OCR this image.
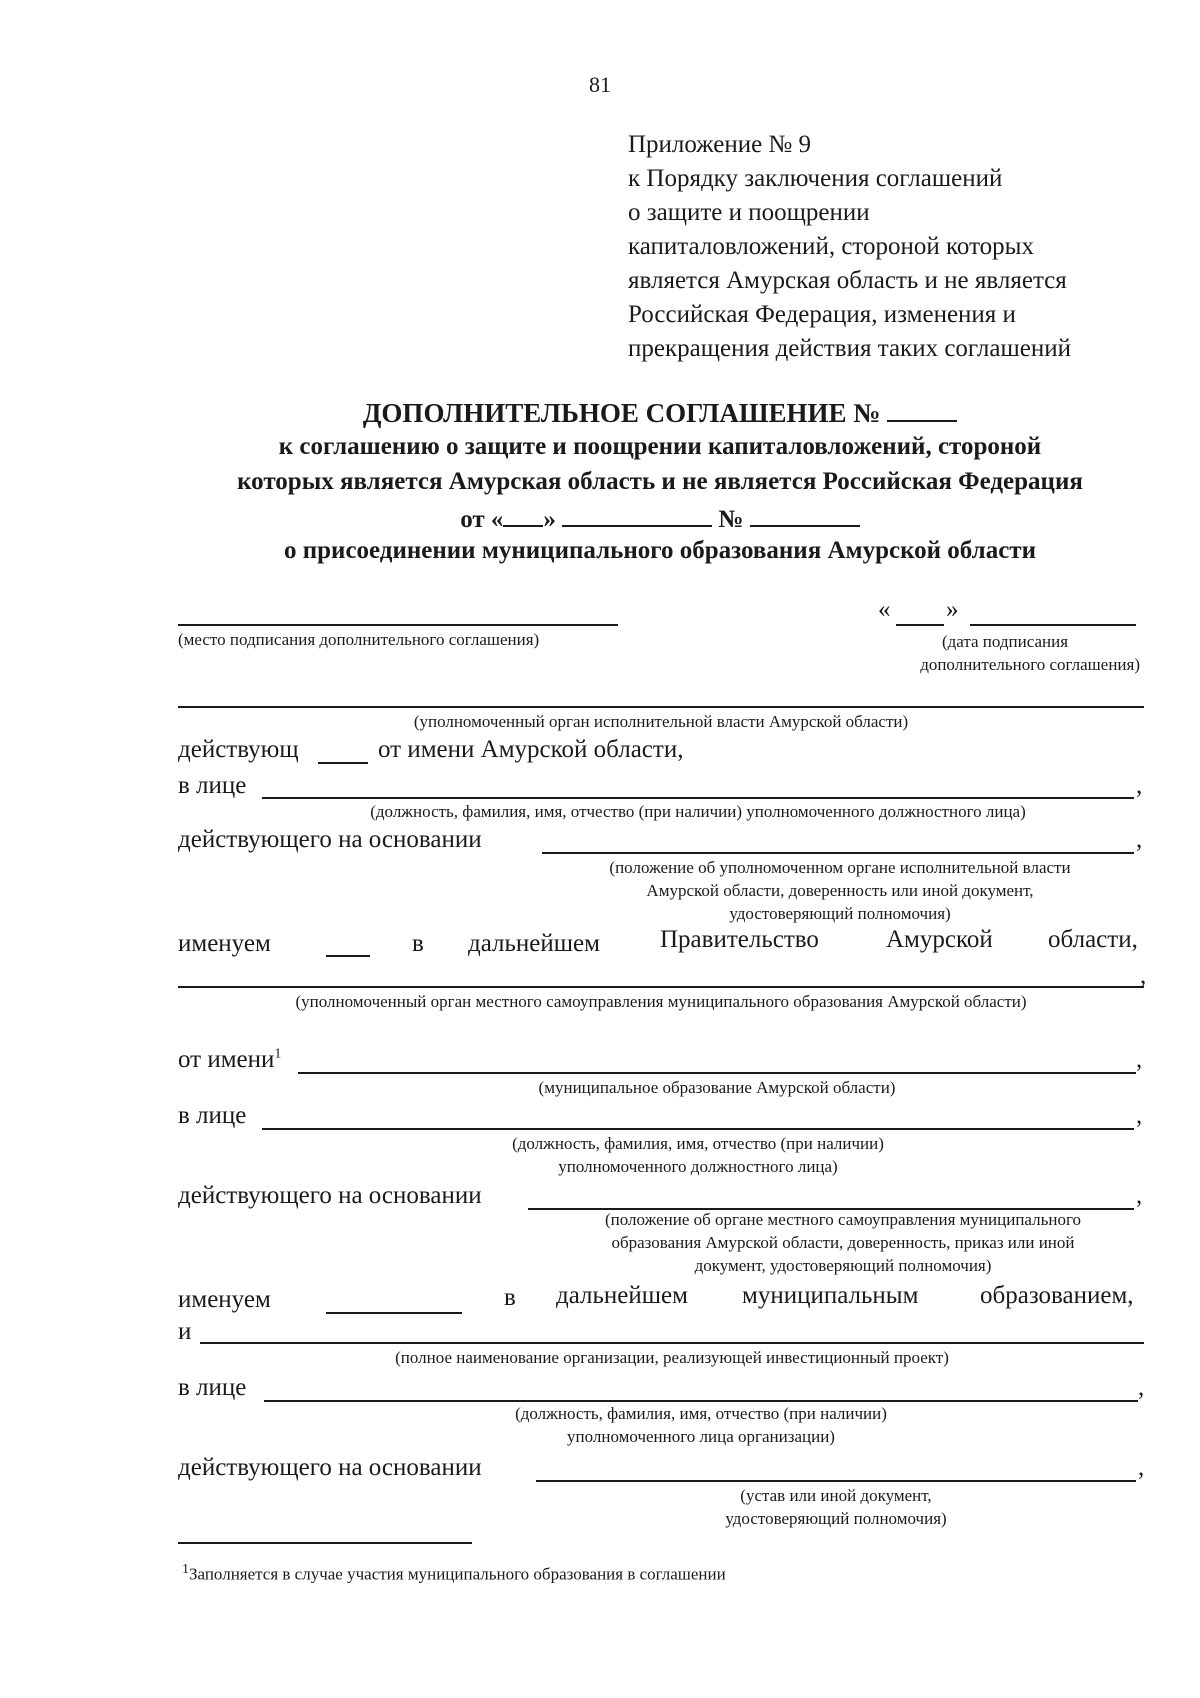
81
Приложение № 9
к Порядку заключения соглашений
о защите и поощрении
капиталовложений, стороной которых
является Амурская область и не является
Российская Федерация, изменения и
прекращения действия таких соглашений
ДОПОЛНИТЕЛЬНОЕ СОГЛАШЕНИЕ №
к соглашению о защите и поощрении капиталовложений, стороной
которых является Амурская область и не является Российская Федерация
от « »	№
о присоединении муниципального образования Амурской области
(место подписания дополнительного соглашения)
« »
(дата подписания
дополнительного соглашения)
(уполномоченный орган исполнительной власти Амурской области)
действующ	от имени Амурской области,
в лице	,
(должность, фамилия, имя, отчество (при наличии) уполномоченного должностного лица)
действующего на основании	,
(положение об уполномоченном органе исполнительной власти
Амурской области, доверенность или иной документ,
удостоверяющий полномочия)
именуем	в дальнейшем Правительство	Амурской области,
,
(уполномоченный орган местного самоуправления муниципального образования Амурской области)
от имени$^1$	,
(муниципальное образование Амурской области)
в лице	,
(должность, фамилия, имя, отчество (при наличии)
уполномоченного должностного лица)
действующего на основании	,
(положение об органе местного самоуправления муниципального
образования Амурской области, доверенность, приказ или иной
документ, удостоверяющий полномочия)
именуем	в дальнейшем муниципальным образованием,
и
(полное наименование организации, реализующей инвестиционный проект)
в лице	,
(должность, фамилия, имя, отчество (при наличии)
уполномоченного лица организации)
действующего на основании	,
(устав или иной документ,
удостоверяющий полномочия)
$^1$Заполняется в случае участия муниципального образования в соглашении
